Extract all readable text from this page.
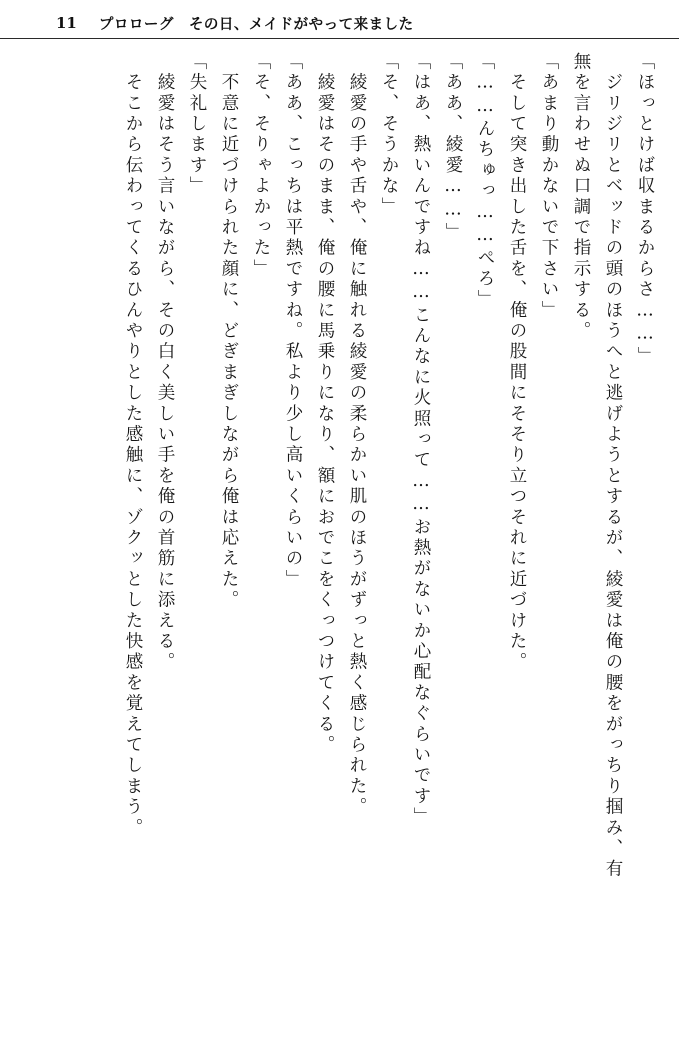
11 プロローグ　その日、メイドがやって来ました
「ほっとけば収まるからさ……」
　ジリジリとベッドの頭のほうへと逃げようとするが、綾愛は俺の腰をがっちり掴み、有
無を言わせぬ口調で指示する。
「あまり動かないで下さい」
　そして突き出した舌を、俺の股間にそそり立つそれに近づけた。
「……んちゅっ……ぺろ」
「ああ、綾愛……」
「はあ、熱いんですね……こんなに火照って……お熱がないか心配なぐらいです」
「そ、そうかな」
　綾愛の手や舌や、俺に触れる綾愛の柔らかい肌のほうがずっと熱く感じられた。
　綾愛はそのまま、俺の腰に馬乗りになり、額におでこをくっつけてくる。
「ああ、こっちは平熱ですね。私より少し高いくらいの」
「そ、そりゃよかった」
　不意に近づけられた顔に、どぎまぎしながら俺は応えた。
「失礼します」
　綾愛はそう言いながら、その白く美しい手を俺の首筋に添える。
　そこから伝わってくるひんやりとした感触に、ゾクッとした快感を覚えてしまう。
